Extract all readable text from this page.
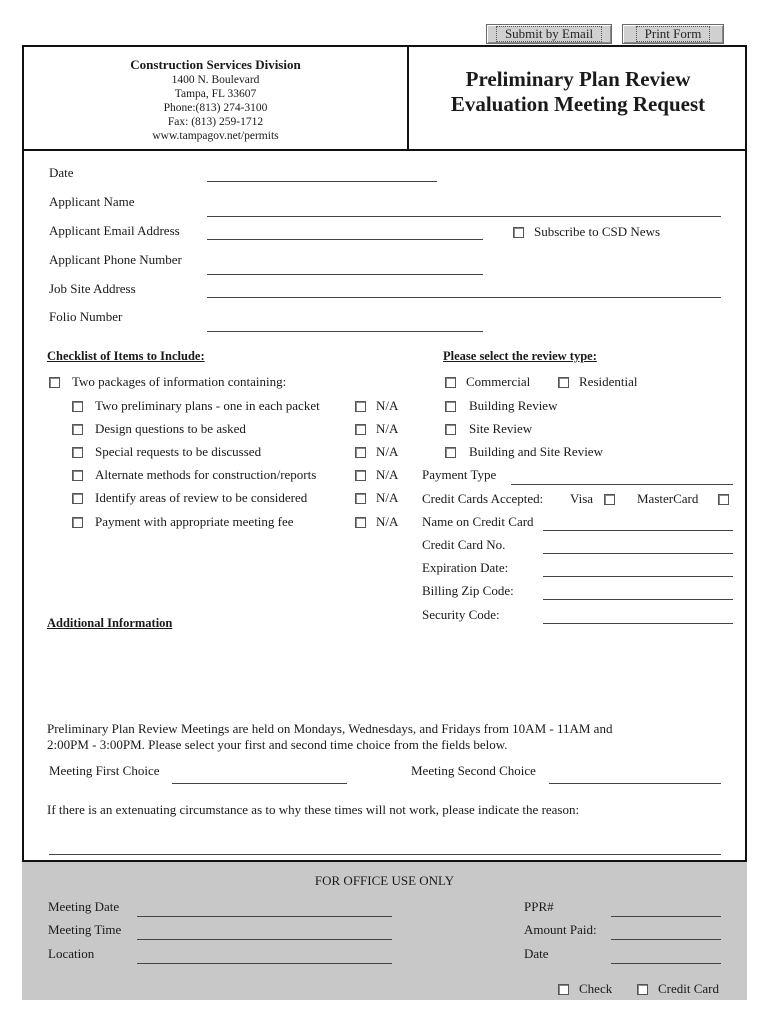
Submit by Email	Print Form
Construction Services Division
1400 N. Boulevard
Tampa, FL 33607
Phone:(813) 274-3100
Fax: (813) 259-1712
www.tampagov.net/permits
Preliminary Plan Review
Evaluation Meeting Request
Date
Applicant Name
Applicant Email Address	Subscribe to CSD News
Applicant Phone Number
Job Site Address
Folio Number
Checklist of Items to Include:
Two packages of information containing:
Two preliminary plans - one in each packet	N/A
Design questions to be asked	N/A
Special requests to be discussed	N/A
Alternate methods for construction/reports	N/A
Identify areas of review to be considered	N/A
Payment with appropriate meeting fee	N/A
Please select the review type:
Commercial	Residential
Building Review
Site Review
Building and Site Review
Payment Type
Credit Cards Accepted: Visa	MasterCard
Name on Credit Card
Credit Card No.
Expiration Date:
Billing Zip Code:
Security Code:
Additional Information
Preliminary Plan Review Meetings are held on Mondays, Wednesdays, and Fridays from 10AM - 11AM and
2:00PM - 3:00PM. Please select your first and second time choice from the fields below.
Meeting First Choice	Meeting Second Choice
If there is an extenuating circumstance as to why these times will not work, please indicate the reason:
FOR OFFICE USE ONLY
Meeting Date
Meeting Time
Location
PPR#
Amount Paid:
Date
Check	Credit Card
